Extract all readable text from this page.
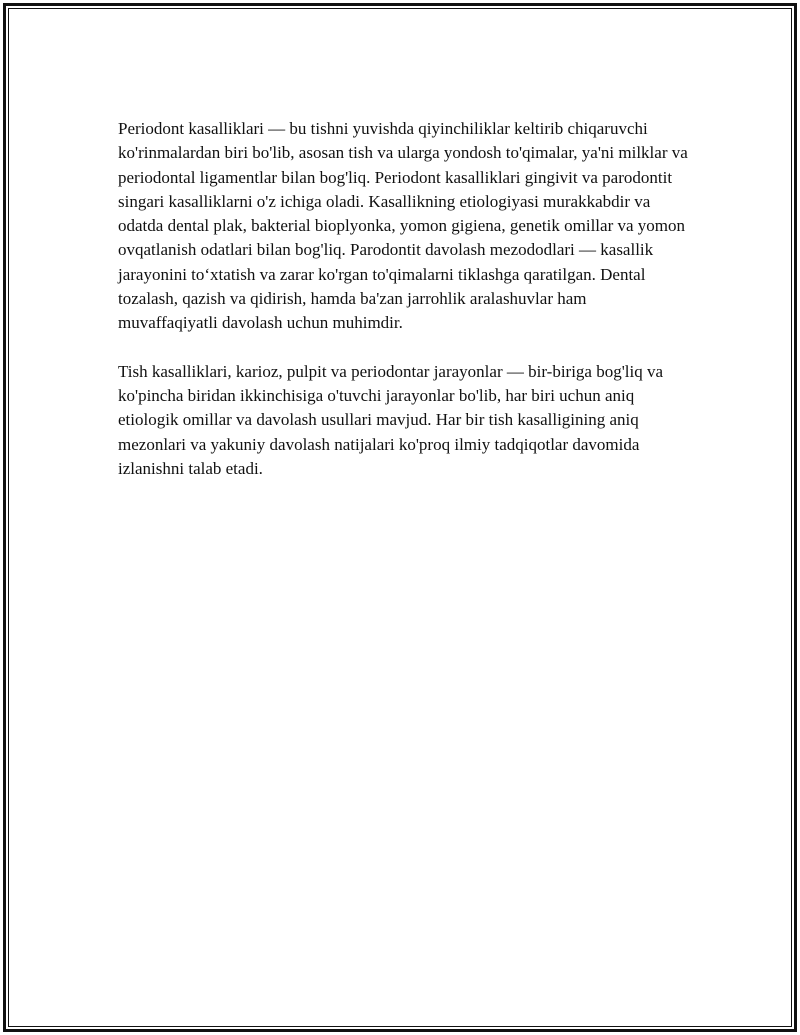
Periodont kasalliklari — bu tishni yuvishda qiyinchiliklar keltirib chiqaruvchi ko'rinmalardan biri bo'lib, asosan tish va ularga yondosh to'qimalar, ya'ni milklar va periodontal ligamentlar bilan bog'liq. Periodont kasalliklari gingivit va parodontit singari kasalliklarni o'z ichiga oladi. Kasallikning etiologiyasi murakkabdir va odatda dental plak, bakterial bioplyonka, yomon gigiena, genetik omillar va yomon ovqatlanish odatlari bilan bog'liq. Parodontit davolash mezododlari — kasallik jarayonini to‘xtatish va zarar ko'rgan to'qimalarni tiklashga qaratilgan. Dental tozalash, qazish va qidirish, hamda ba'zan jarrohlik aralashuvlar ham muvaffaqiyatli davolash uchun muhimdir.

Tish kasalliklari, karioz, pulpit va periodontar jarayonlar — bir-biriga bog'liq va ko'pincha biridan ikkinchisiga o'tuvchi jarayonlar bo'lib, har biri uchun aniq etiologik omillar va davolash usullari mavjud. Har bir tish kasalligining aniq mezonlari va yakuniy davolash natijalari ko'proq ilmiy tadqiqotlar davomida izlanishni talab etadi.
